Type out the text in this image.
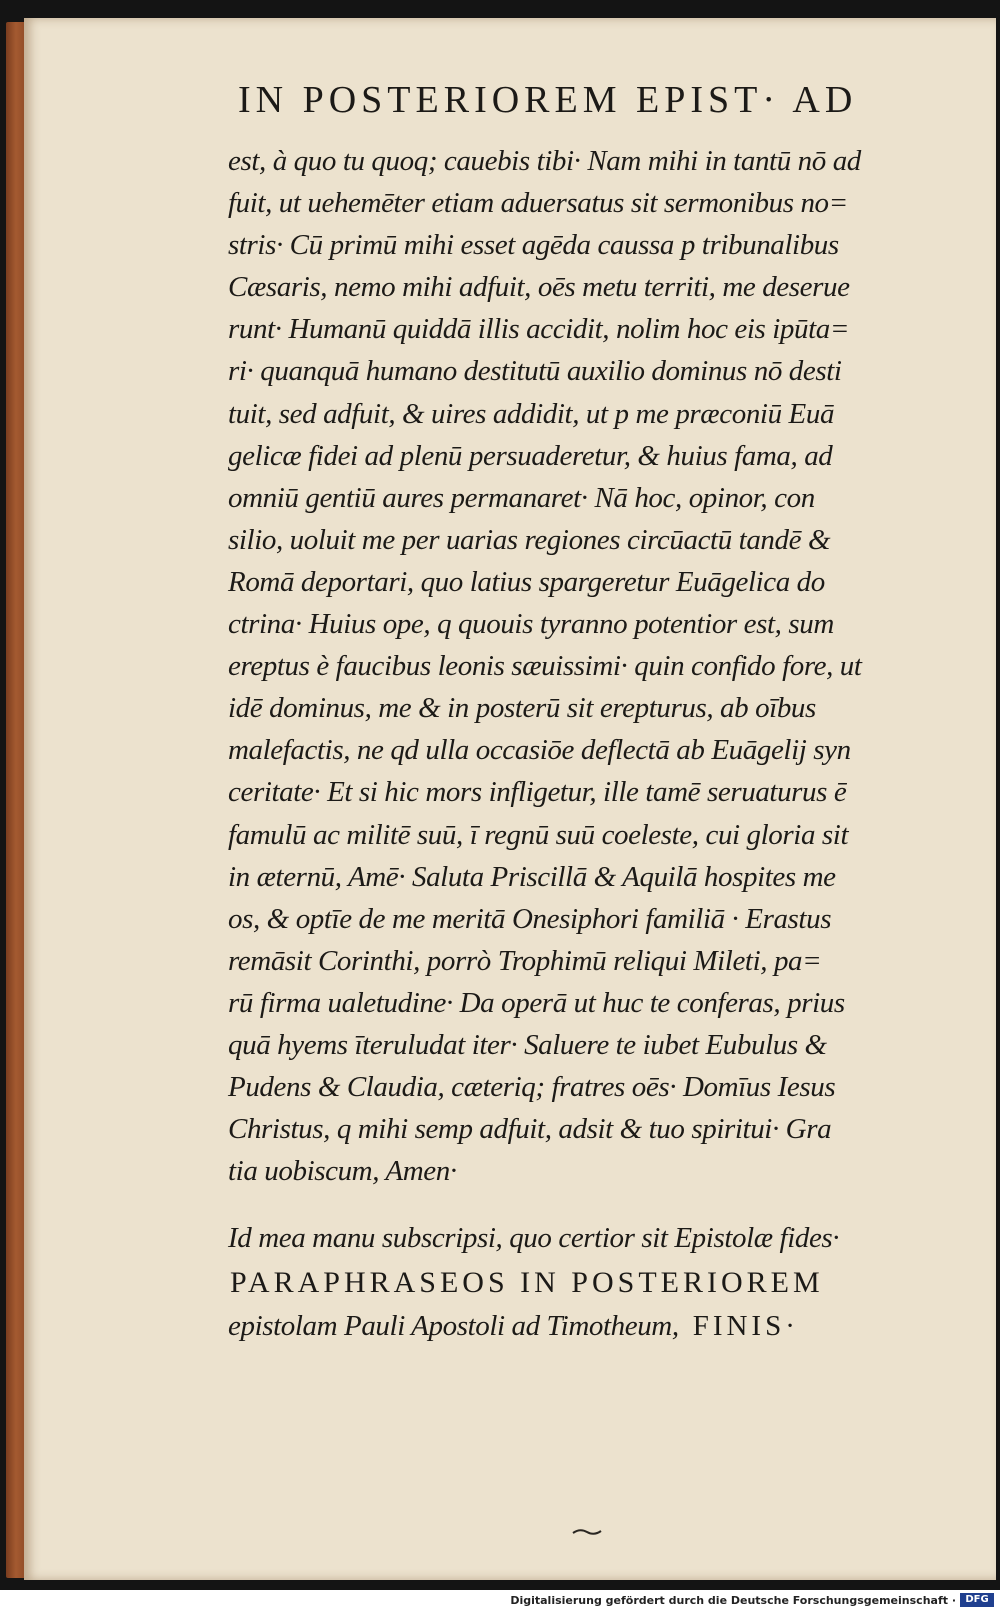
IN POSTERIOREM EPIST· AD
est, à quo tu quoq; cauebis tibi· Nam mihi in tantū nō ad
fuit, ut uehemēter etiam aduersatus sit sermonibus no=
stris· Cū primū mihi esset agēda caussa p tribunalibus
Cæsaris, nemo mihi adfuit, oēs metu territi, me deserue
runt· Humanū quiddā illis accidit, nolim hoc eis ipūta=
ri· quanquā humano destitutū auxilio dominus nō desti
tuit, sed adfuit, & uires addidit, ut p me præconiū Euā
gelicæ fidei ad plenū persuaderetur, & huius fama, ad
omniū gentiū aures permanaret· Nā hoc, opinor, con
silio, uoluit me per uarias regiones circūactū tandē &
Romā deportari, quo latius spargeretur Euāgelica do
ctrina· Huius ope, q quouis tyranno potentior est, sum
ereptus è faucibus leonis sæuissimi· quin confido fore, ut
idē dominus, me & in posterū sit erepturus, ab oībus
malefactis, ne qd ulla occasiōe deflectā ab Euāgelij syn
ceritate· Et si hic mors infligetur, ille tamē seruaturus ē
famulū ac militē suū, ī regnū suū coeleste, cui gloria sit
in æternū, Amē· Saluta Priscillā & Aquilā hospites me
os, & optīe de me meritā Onesiphori familiā · Erastus
remāsit Corinthi, porrò Trophimū reliqui Mileti, pa=
rū firma ualetudine· Da operā ut huc te conferas, prius
quā hyems īteruludat iter· Saluere te iubet Eubulus &
Pudens & Claudia, cæteriq; fratres oēs· Domīus Iesus
Christus, q mihi semp adfuit, adsit & tuo spiritui· Gra
tia uobiscum, Amen·
Id mea manu subscripsi, quo certior sit Epistolæ fides·
PARAPHRASEOS IN POSTERIOREM
epistolam Pauli Apostoli ad Timotheum, FINIS·
Digitalisierung gefördert durch die Deutsche Forschungsgemeinschaft · DFG
